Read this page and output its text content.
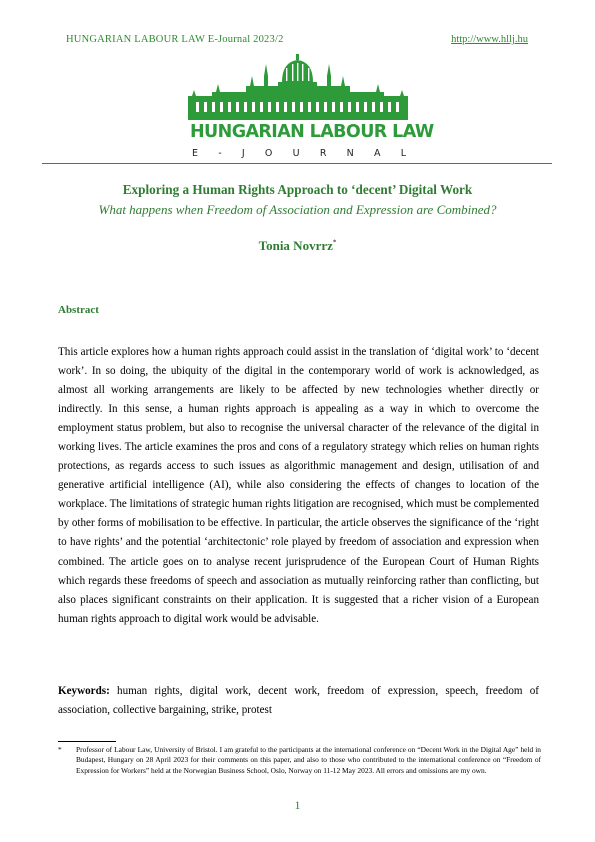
HUNGARIAN LABOUR LAW E-Journal 2023/2	http://www.hllj.hu
HUNGARIAN LABOUR LAW
E - J O U R N A L
Exploring a Human Rights Approach to ‘decent’ Digital Work
What happens when Freedom of Association and Expression are Combined?
Tonia Novrrz*
Abstract
This article explores how a human rights approach could assist in the translation of ‘digital work’ to ‘decent work’. In so doing, the ubiquity of the digital in the contemporary world of work is acknowledged, as almost all working arrangements are likely to be affected by new technologies whether directly or indirectly. In this sense, a human rights approach is appealing as a way in which to overcome the employment status problem, but also to recognise the universal character of the relevance of the digital in working lives. The article examines the pros and cons of a regulatory strategy which relies on human rights protections, as regards access to such issues as algorithmic management and design, utilisation of and generative artificial intelligence (AI), while also considering the effects of changes to location of the workplace. The limitations of strategic human rights litigation are recognised, which must be complemented by other forms of mobilisation to be effective. In particular, the article observes the significance of the ‘right to have rights’ and the potential ‘architectonic’ role played by freedom of association and expression when combined. The article goes on to analyse recent jurisprudence of the European Court of Human Rights which regards these freedoms of speech and association as mutually reinforcing rather than conflicting, but also places significant constraints on their application. It is suggested that a richer vision of a European human rights approach to digital work would be advisable.
Keywords: human rights, digital work, decent work, freedom of expression, speech, freedom of association, collective bargaining, strike, protest
* Professor of Labour Law, University of Bristol. I am grateful to the participants at the international conference on “Decent Work in the Digital Age” held in Budapest, Hungary on 28 April 2023 for their comments on this paper, and also to those who contributed to the international conference on “Freedom of Expression for Workers” held at the Norwegian Business School, Oslo, Norway on 11-12 May 2023. All errors and omissions are my own.
1
